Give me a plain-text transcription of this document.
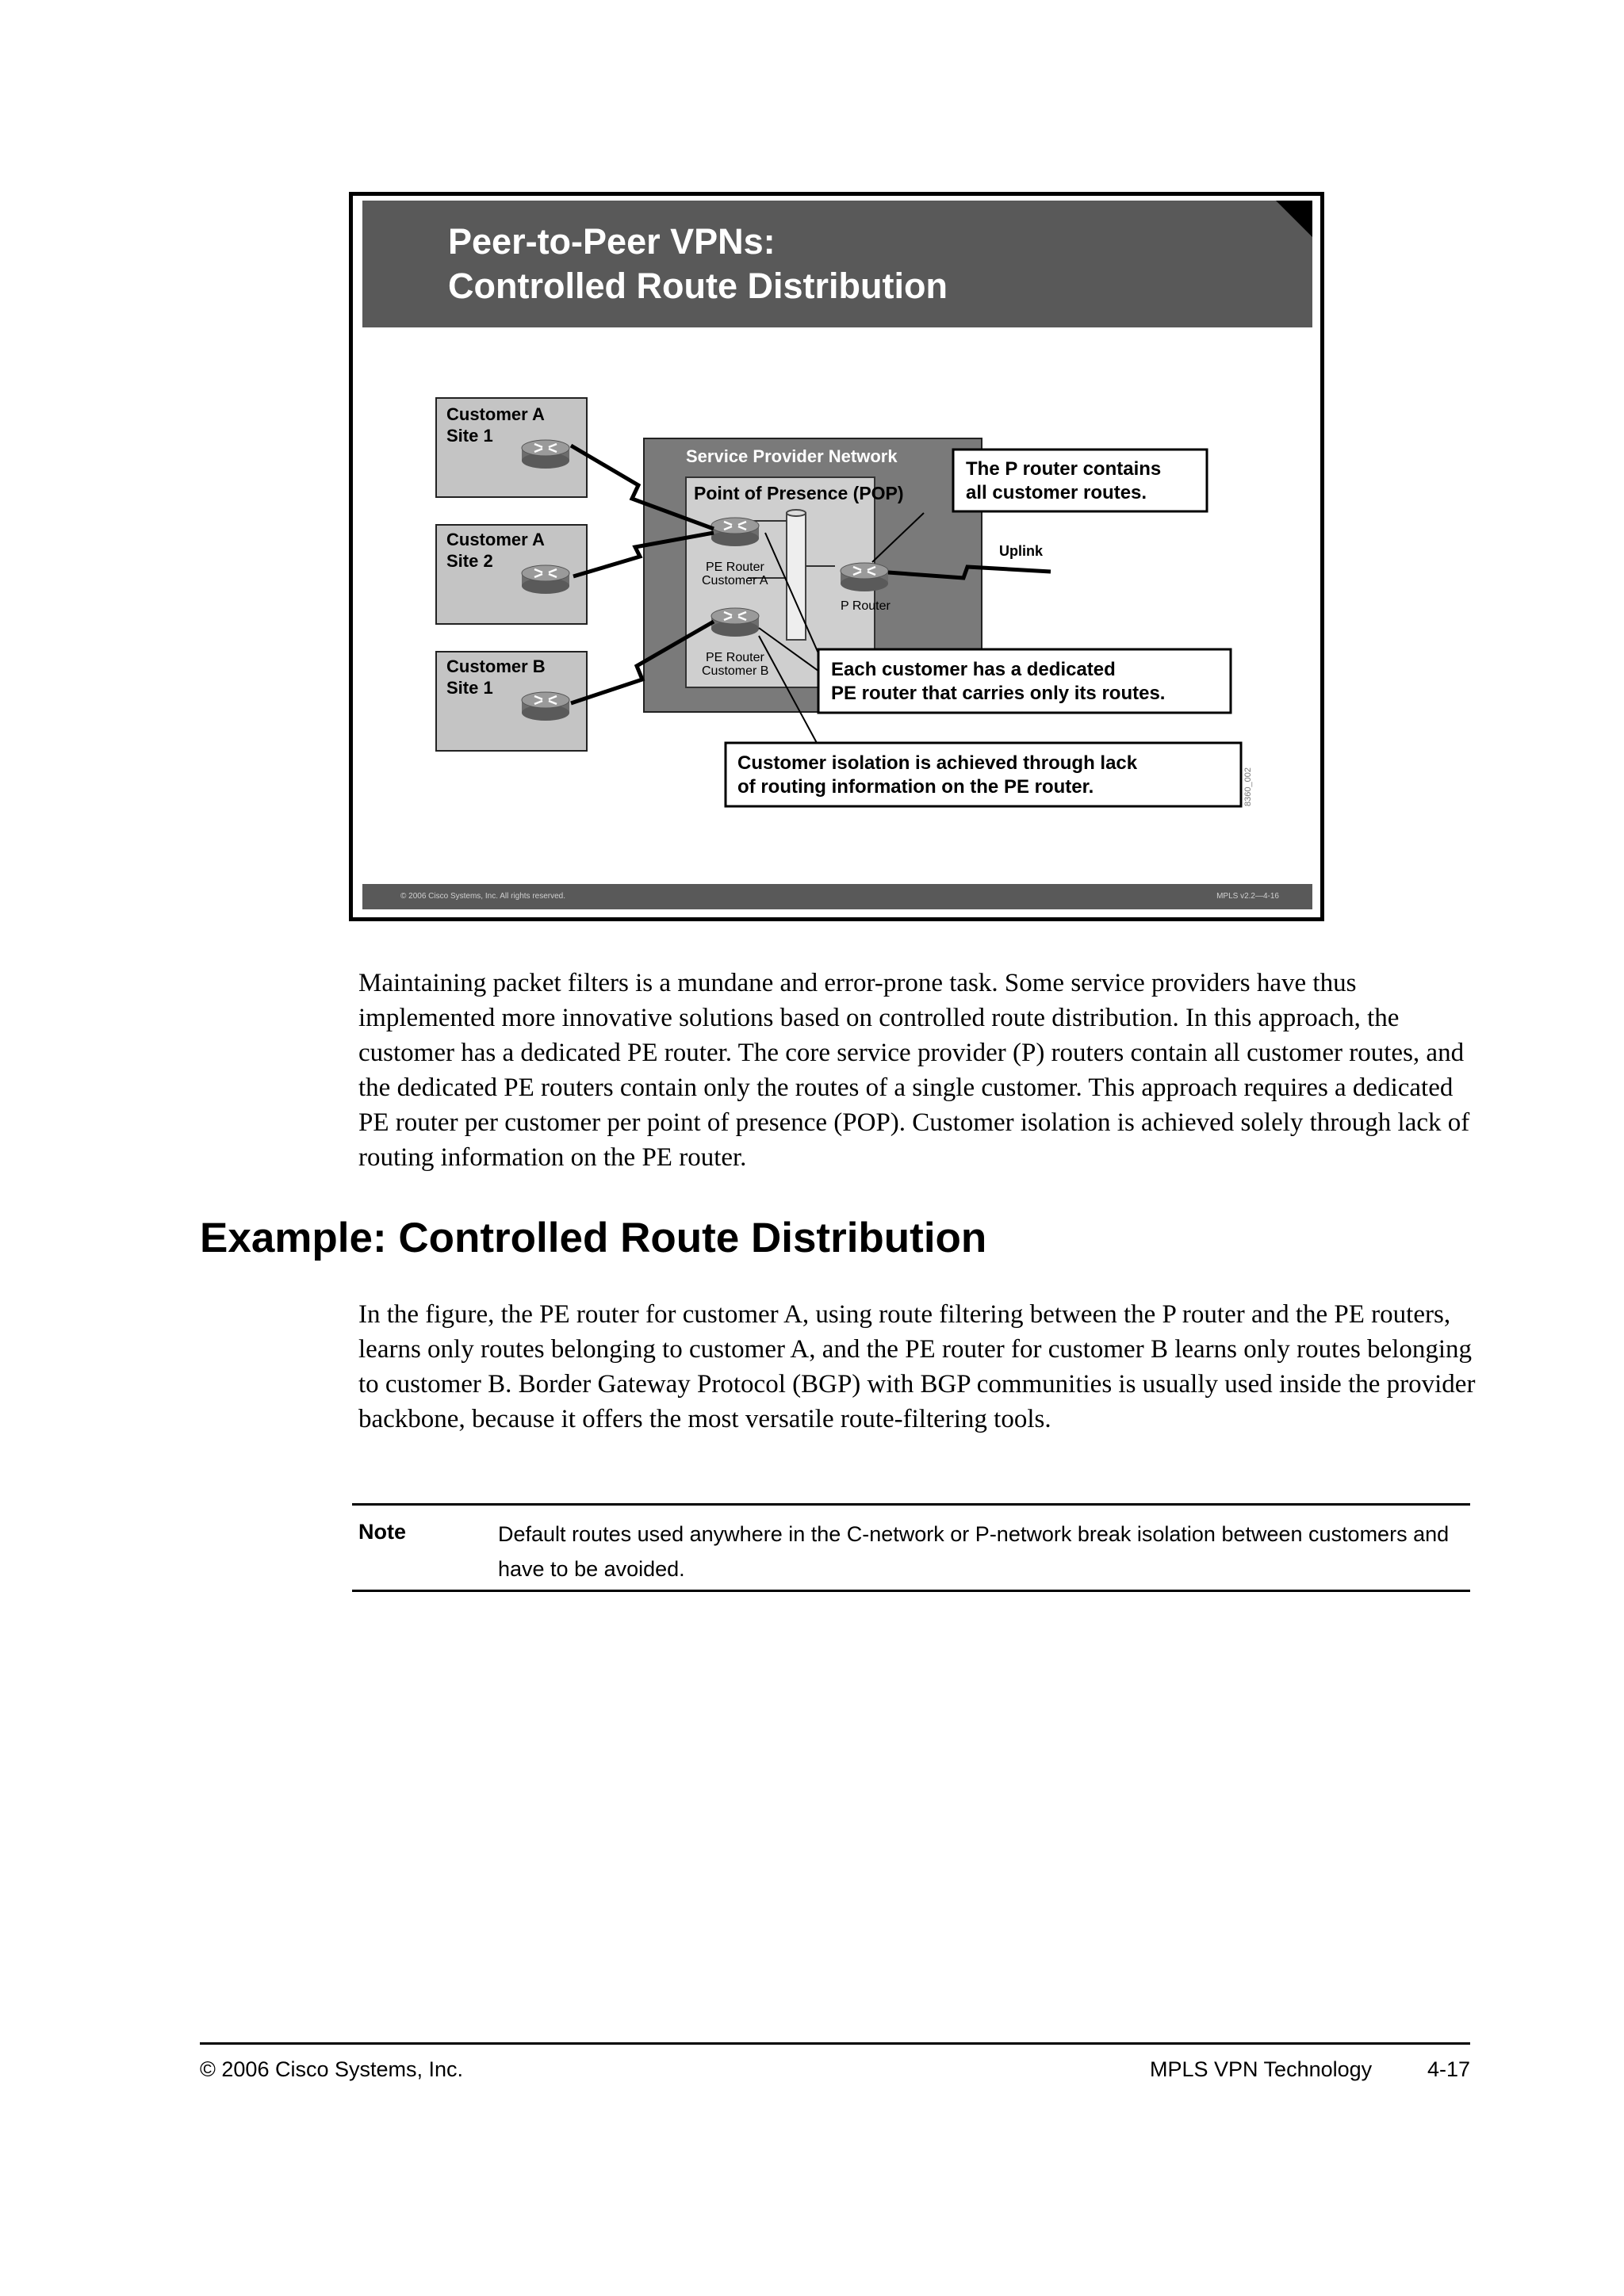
Peer-to-Peer VPNs:
Controlled Route Distribution
Customer A
Site 1
Customer A
Site 2
Customer B
Site 1
Service Provider Network
Point of Presence (POP)
PE Router
Customer A
PE Router
Customer B
P Router
Uplink
The P router contains
all customer routes.
Each customer has a dedicated
PE router that carries only its routes.
Customer isolation is achieved through lack
of routing information on the PE router.	8360_002
© 2006 Cisco Systems, Inc. All rights reserved.	MPLS v2.2—4-16
Maintaining packet filters is a mundane and error-prone task. Some service providers have thus implemented more innovative solutions based on controlled route distribution. In this approach, the customer has a dedicated PE router. The core service provider (P) routers contain all customer routes, and the dedicated PE routers contain only the routes of a single customer. This approach requires a dedicated PE router per customer per point of presence (POP). Customer isolation is achieved solely through lack of routing information on the PE router.
Example: Controlled Route Distribution
In the figure, the PE router for customer A, using route filtering between the P router and the PE routers, learns only routes belonging to customer A, and the PE router for customer B learns only routes belonging to customer B. Border Gateway Protocol (BGP) with BGP communities is usually used inside the provider backbone, because it offers the most versatile route-filtering tools.
Note	Default routes used anywhere in the C-network or P-network break isolation between customers and have to be avoided.
© 2006 Cisco Systems, Inc.	MPLS VPN Technology	4-17
